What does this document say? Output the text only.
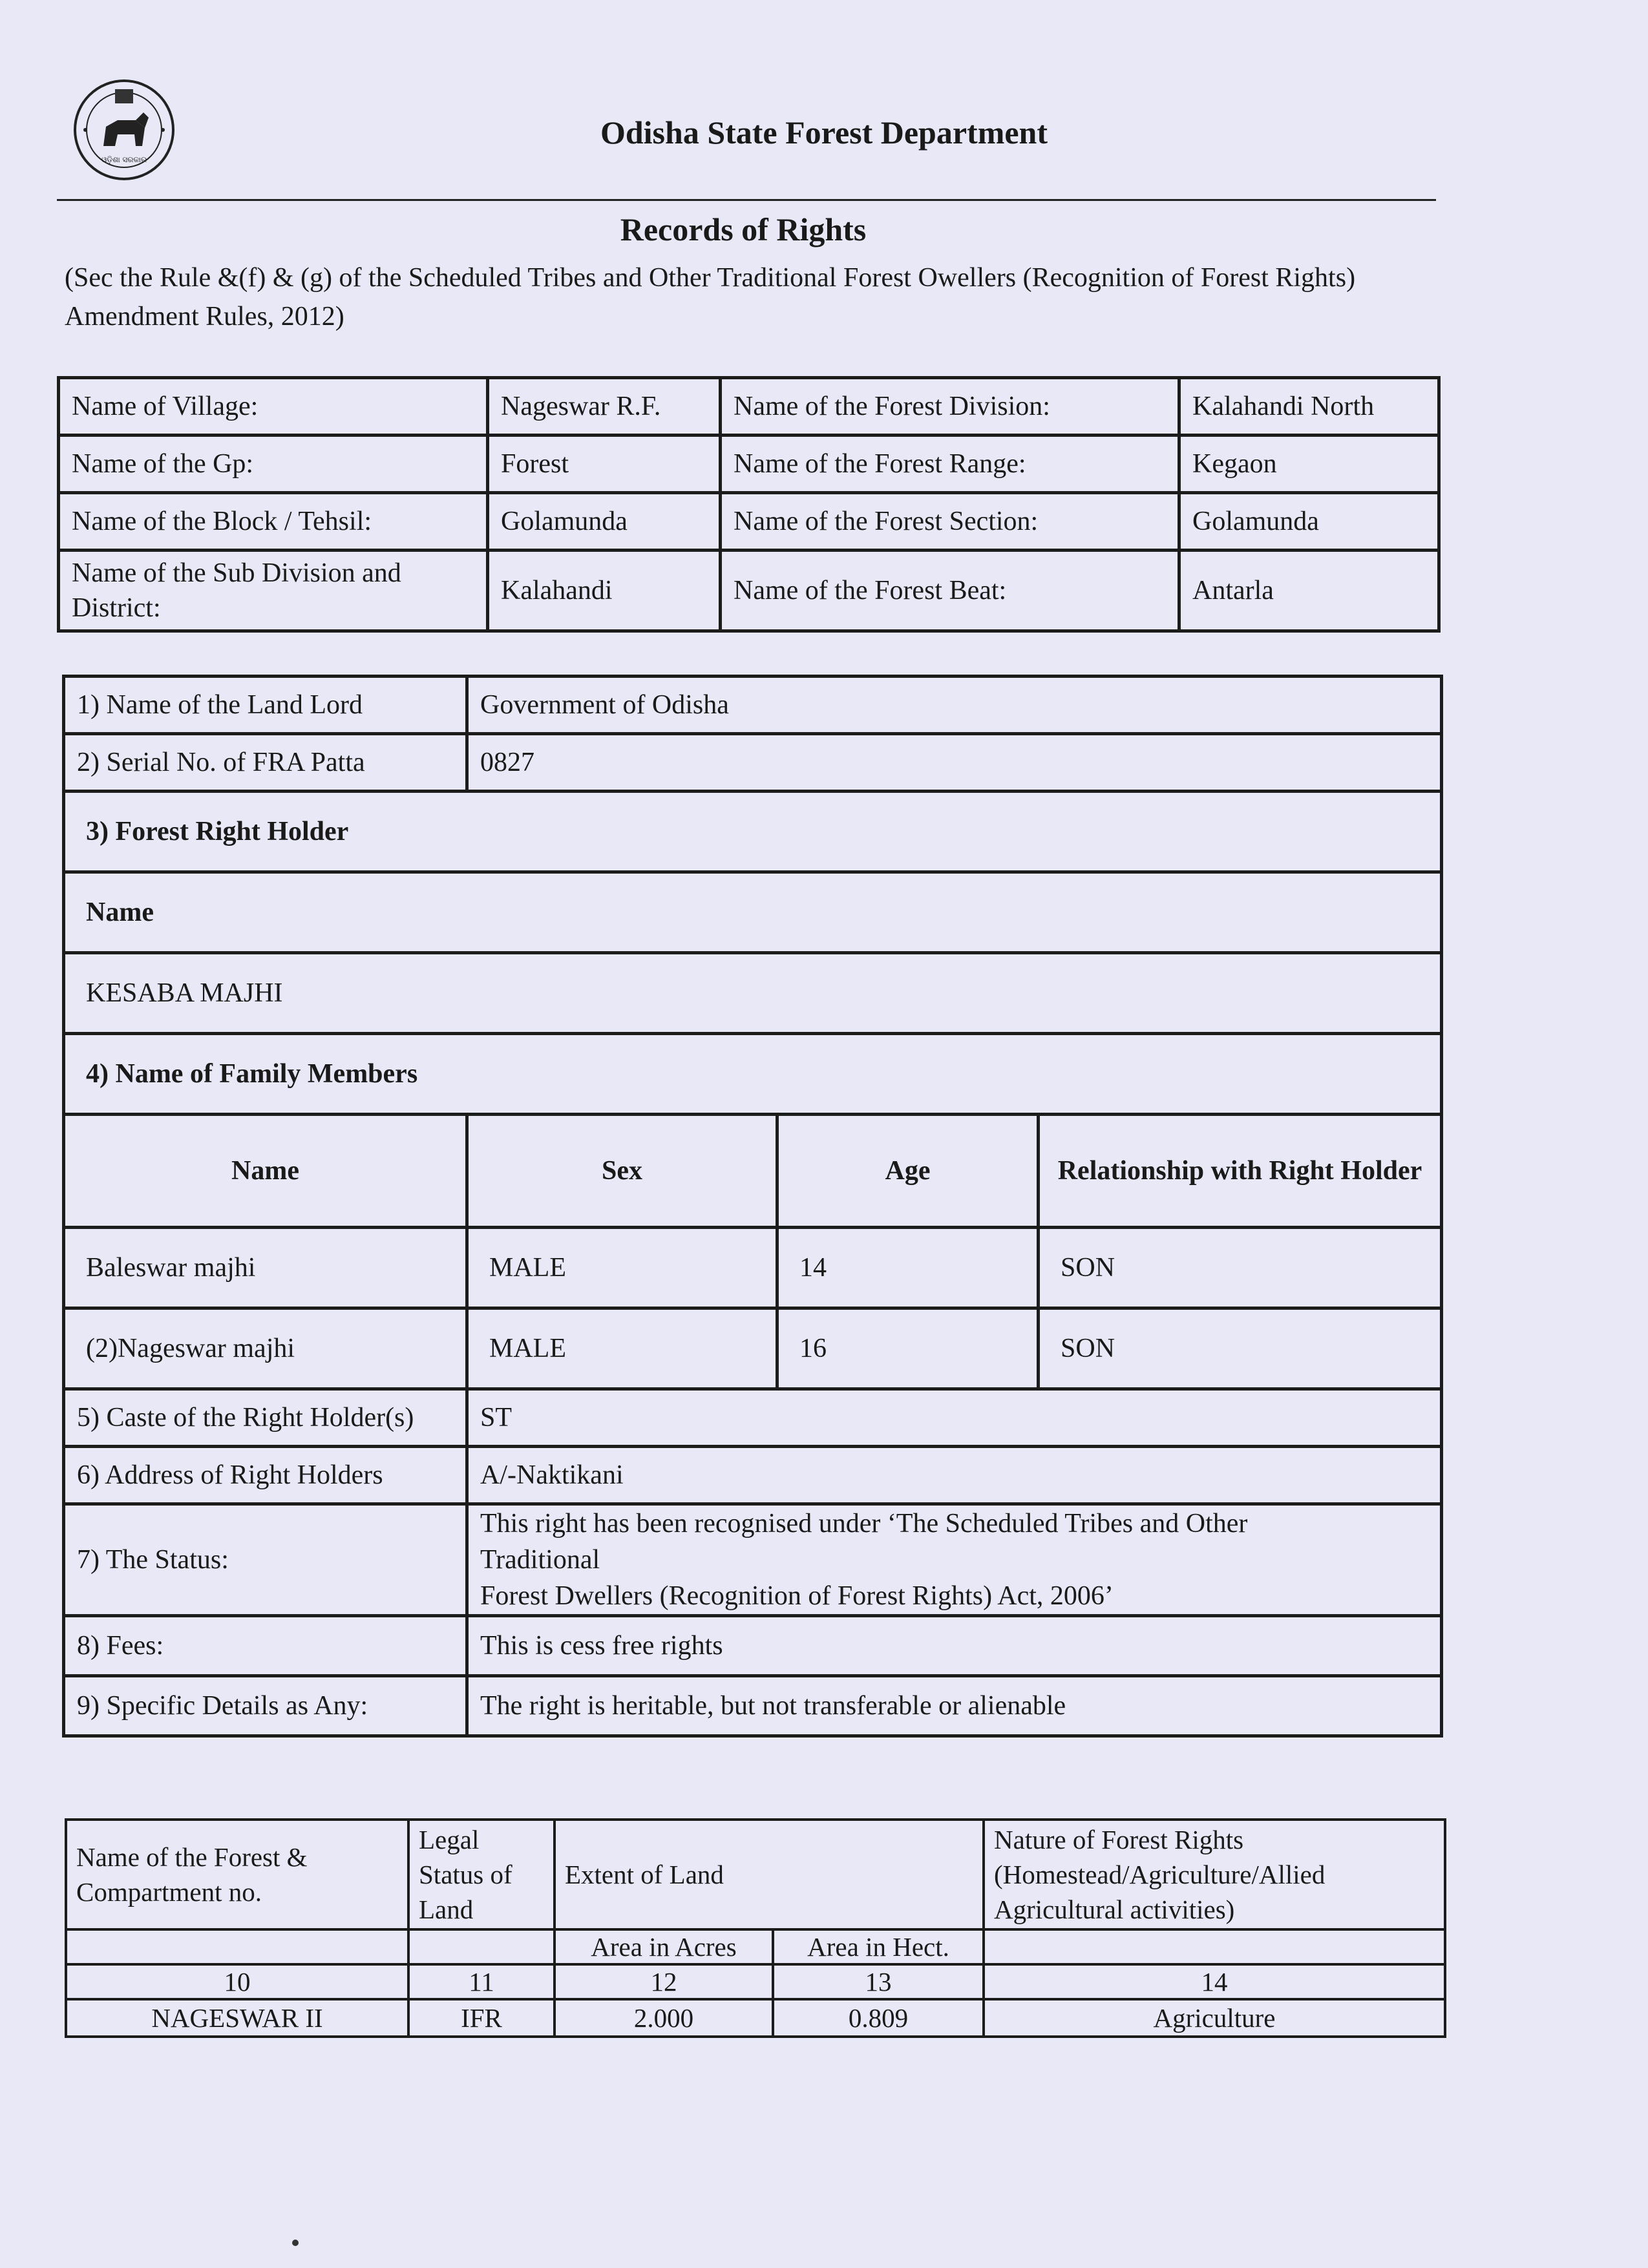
ଓଡ଼ିଶା ସରକାର
Odisha State Forest Department
Records of Rights
(Sec the Rule &(f) & (g) of the Scheduled Tribes and Other Traditional Forest Owellers (Recognition of Forest Rights) Amendment Rules, 2012)
Name of Village:	Nageswar R.F.	Name of the Forest Division:	Kalahandi North
Name of the Gp:	Forest	Name of the Forest Range:	Kegaon
Name of the Block / Tehsil:	Golamunda	Name of the Forest Section:	Golamunda
Name of the Sub Division and District:	Kalahandi	Name of the Forest Beat:	Antarla
1) Name of the Land Lord	Government of Odisha		
2) Serial No. of FRA Patta	0827		
3) Forest Right Holder			
Name			
KESABA MAJHI			
4) Name of Family Members			
Name	Sex	Age	Relationship with Right Holder
Baleswar majhi	MALE	14	SON
(2)Nageswar majhi	MALE	16	SON
5) Caste of the Right Holder(s)	ST		
6) Address of Right Holders	A/-Naktikani		
7) The Status:	This right has been recognised under ‘The Scheduled Tribes and Other
Traditional
Forest Dwellers (Recognition of Forest Rights) Act, 2006’		

8) Fees:	This is cess free rights		
9) Specific Details as Any:	The right is heritable, but not transferable or alienable		
Name of the Forest & Compartment no.	Legal Status of Land	Extent of Land		Nature of Forest Rights (Homestead/Agriculture/Allied Agricultural activities)
		Area in Acres	Area in Hect.	
10	11	12	13	14
NAGESWAR II	IFR	2.000	0.809	Agriculture
